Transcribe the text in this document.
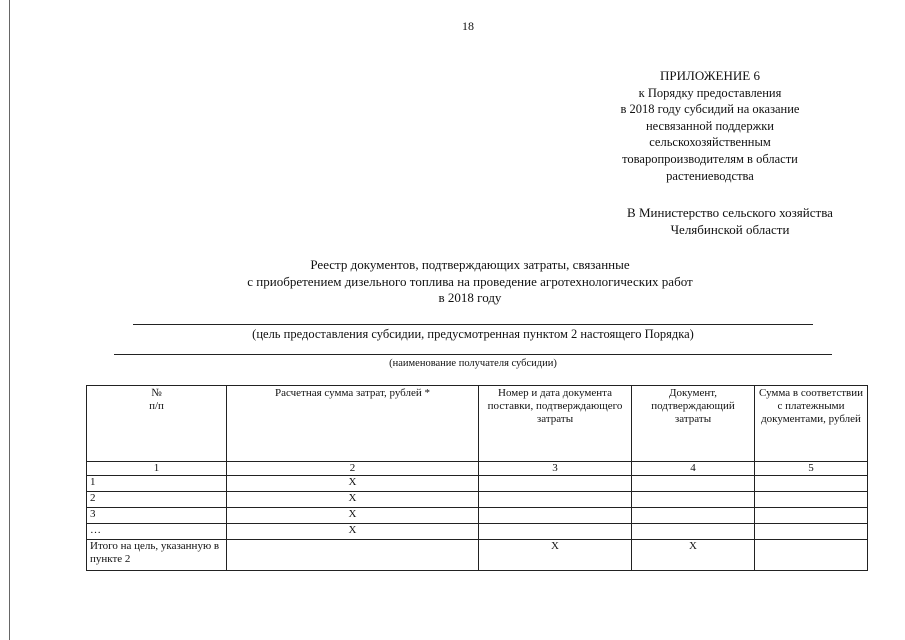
18
ПРИЛОЖЕНИЕ 6
к Порядку предоставления
в 2018 году субсидий на оказание
несвязанной поддержки
сельскохозяйственным
товаропроизводителям в области
растениеводства
В Министерство сельского хозяйства
Челябинской области
Реестр документов, подтверждающих затраты, связанные
с приобретением дизельного топлива на проведение агротехнологических работ
в 2018 году
(цель предоставления субсидии, предусмотренная пунктом 2 настоящего Порядка)
(наименование получателя субсидии)
№
п/п	Расчетная сумма затрат, рублей *	Номер и дата документа поставки, подтверждающего затраты	Документ, подтверждающий затраты	Сумма в соответствии с платежными документами, рублей
1	2	3	4	5
1	Х			
2	Х			
3	Х			
…	Х			
Итого на цель, указанную в пункте 2		Х	Х	
